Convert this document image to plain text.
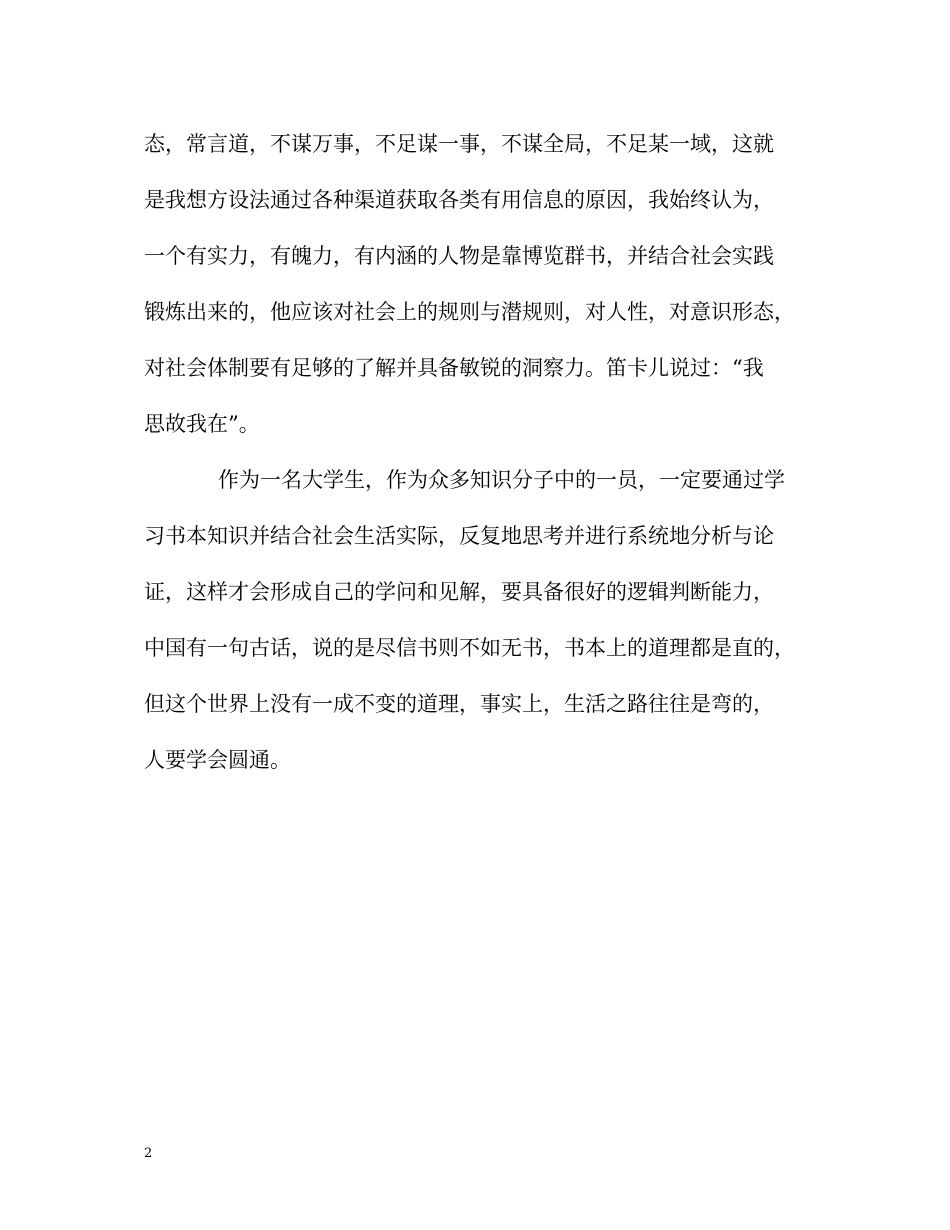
态，常言道，不谋万事，不足谋一事，不谋全局，不足某一域，这就
是我想方设法通过各种渠道获取各类有用信息的原因，我始终认为，
一个有实力，有魄力，有内涵的人物是靠博览群书，并结合社会实践
锻炼出来的，他应该对社会上的规则与潜规则，对人性，对意识形态，
对社会体制要有足够的了解并具备敏锐的洞察力。笛卡儿说过：“我
思故我在”。
作为一名大学生，作为众多知识分子中的一员，一定要通过学
习书本知识并结合社会生活实际，反复地思考并进行系统地分析与论
证，这样才会形成自己的学问和见解，要具备很好的逻辑判断能力，
中国有一句古话，说的是尽信书则不如无书，书本上的道理都是直的，
但这个世界上没有一成不变的道理，事实上，生活之路往往是弯的，
人要学会圆通。
2
